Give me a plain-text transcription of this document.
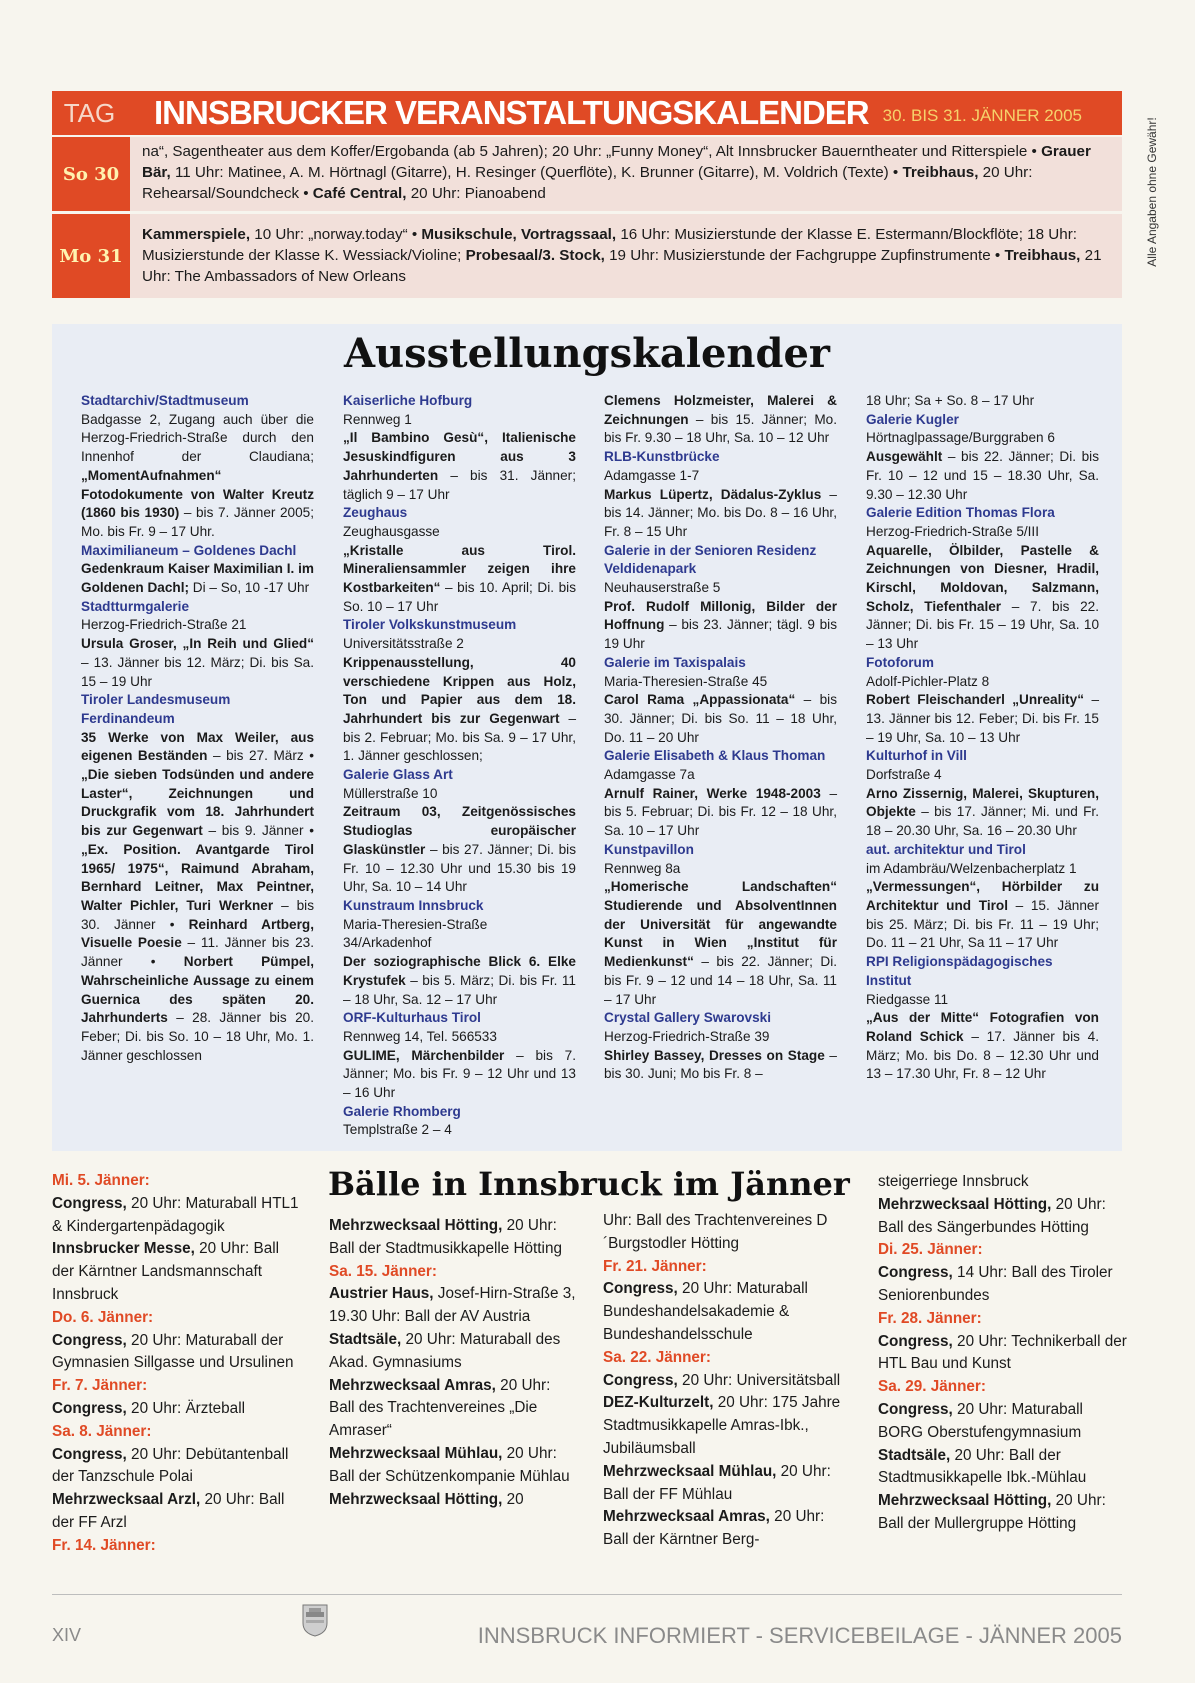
TAG	INNSBRUCKER VERANSTALTUNGSKALENDER 30. BIS 31. JÄNNER 2005
So 30
na“, Sagentheater aus dem Koffer/Ergobanda (ab 5 Jahren); 20 Uhr: „Funny Money“, Alt Innsbrucker Bauerntheater und Ritterspiele • Grauer Bär, 11 Uhr: Matinee, A. M. Hörtnagl (Gitarre), H. Resinger (Querflöte), K. Brunner (Gitarre), M. Voldrich (Texte) • Treibhaus, 20 Uhr: Rehearsal/Soundcheck • Café Central, 20 Uhr: Pianoabend
Mo 31
Kammerspiele, 10 Uhr: „norway.today“ • Musikschule, Vortragssaal, 16 Uhr: Musizierstunde der Klasse E. Estermann/Blockflöte; 18 Uhr: Musizierstunde der Klasse K. Wessiack/Violine; Probesaal/3. Stock, 19 Uhr: Musizierstunde der Fachgruppe Zupfinstrumente • Treibhaus, 21 Uhr: The Ambassadors of New Orleans
Alle Angaben ohne Gewähr!
Ausstellungskalender

Stadtarchiv/Stadtmuseum
Badgasse 2, Zugang auch über die Herzog-Friedrich-Straße durch den Innenhof der Claudiana; „MomentAufnahmen“ Fotodokumente von Walter Kreutz (1860 bis 1930) – bis 7. Jänner 2005; Mo. bis Fr. 9 – 17 Uhr.

Maximilianeum – Goldenes Dachl

Gedenkraum Kaiser Maximilian I. im Goldenen Dachl; Di – So, 10 -17 Uhr

Stadtturmgalerie

Herzog-Friedrich-Straße 21
Ursula Groser, „In Reih und Glied“ – 13. Jänner bis 12. März; Di. bis Sa. 15 – 19 Uhr

Tiroler Landesmuseum Ferdinandeum

35 Werke von Max Weiler, aus eigenen Beständen – bis 27. März • „Die sieben Todsünden und andere Laster“, Zeichnungen und Druckgrafik vom 18. Jahrhundert bis zur Gegenwart – bis 9. Jänner • „Ex. Position. Avantgarde Tirol 1965/ 1975“, Raimund Abraham, Bernhard Leitner, Max Peintner, Walter Pichler, Turi Werkner – bis 30. Jänner • Reinhard Artberg, Visuelle Poesie – 11. Jänner bis 23. Jänner • Norbert Pümpel, Wahrscheinliche Aussage zu einem Guernica des späten 20. Jahrhunderts – 28. Jänner bis 20. Feber; Di. bis So. 10 – 18 Uhr, Mo. 1. Jänner geschlossen

Kaiserliche Hofburg

Rennweg 1
„Il Bambino Gesù“, Italienische Jesuskindfiguren aus 3 Jahrhunderten – bis 31. Jänner; täglich 9 – 17 Uhr

Zeughaus

Zeughausgasse
„Kristalle aus Tirol. Mineraliensammler zeigen ihre Kostbarkeiten“ – bis 10. April; Di. bis So. 10 – 17 Uhr

Tiroler Volkskunstmuseum

Universitätsstraße 2
Krippenausstellung, 40 verschiedene Krippen aus Holz, Ton und Papier aus dem 18. Jahrhundert bis zur Gegenwart – bis 2. Februar; Mo. bis Sa. 9 – 17 Uhr, 1. Jänner geschlossen;

Galerie Glass Art

Müllerstraße 10
Zeitraum 03, Zeitgenössisches Studioglas europäischer Glaskünstler – bis 27. Jänner; Di. bis Fr. 10 – 12.30 Uhr und 15.30 bis 19 Uhr, Sa. 10 – 14 Uhr

Kunstraum Innsbruck

Maria-Theresien-Straße 34/Arkadenhof
Der soziographische Blick 6. Elke Krystufek – bis 5. März; Di. bis Fr. 11 – 18 Uhr, Sa. 12 – 17 Uhr

ORF-Kulturhaus Tirol

Rennweg 14, Tel. 566533
GULIME, Märchenbilder – bis 7. Jänner; Mo. bis Fr. 9 – 12 Uhr und 13 – 16 Uhr

Galerie Rhomberg

Templstraße 2 – 4

Clemens Holzmeister, Malerei & Zeichnungen – bis 15. Jänner; Mo. bis Fr. 9.30 – 18 Uhr, Sa. 10 – 12 Uhr

RLB-Kunstbrücke

Adamgasse 1-7
Markus Lüpertz, Dädalus-Zyklus – bis 14. Jänner; Mo. bis Do. 8 – 16 Uhr, Fr. 8 – 15 Uhr

Galerie in der Senioren Residenz Veldidenapark

Neuhauserstraße 5
Prof. Rudolf Millonig, Bilder der Hoffnung – bis 23. Jänner; tägl. 9 bis 19 Uhr

Galerie im Taxispalais

Maria-Theresien-Straße 45
Carol Rama „Appassionata“ – bis 30. Jänner; Di. bis So. 11 – 18 Uhr, Do. 11 – 20 Uhr

Galerie Elisabeth & Klaus Thoman

Adamgasse 7a
Arnulf Rainer, Werke 1948-2003 – bis 5. Februar; Di. bis Fr. 12 – 18 Uhr, Sa. 10 – 17 Uhr

Kunstpavillon

Rennweg 8a
„Homerische Landschaften“ Studierende und AbsolventInnen der Universität für angewandte Kunst in Wien „Institut für Medienkunst“ – bis 22. Jänner; Di. bis Fr. 9 – 12 und 14 – 18 Uhr, Sa. 11 – 17 Uhr

Crystal Gallery Swarovski

Herzog-Friedrich-Straße 39
Shirley Bassey, Dresses on Stage – bis 30. Juni; Mo bis Fr. 8 –

18 Uhr; Sa + So. 8 – 17 Uhr

Galerie Kugler

Hörtnaglpassage/Burggraben 6
Ausgewählt – bis 22. Jänner; Di. bis Fr. 10 – 12 und 15 – 18.30 Uhr, Sa. 9.30 – 12.30 Uhr

Galerie Edition Thomas Flora

Herzog-Friedrich-Straße 5/III
Aquarelle, Ölbilder, Pastelle & Zeichnungen von Diesner, Hradil, Kirschl, Moldovan, Salzmann, Scholz, Tiefenthaler – 7. bis 22. Jänner; Di. bis Fr. 15 – 19 Uhr, Sa. 10 – 13 Uhr

Fotoforum

Adolf-Pichler-Platz 8
Robert Fleischanderl „Unreality“ – 13. Jänner bis 12. Feber; Di. bis Fr. 15 – 19 Uhr, Sa. 10 – 13 Uhr

Kulturhof in Vill

Dorfstraße 4
Arno Zissernig, Malerei, Skupturen, Objekte – bis 17. Jänner; Mi. und Fr. 18 – 20.30 Uhr, Sa. 16 – 20.30 Uhr

aut. architektur und Tirol

im Adambräu/Welzenbacherplatz 1
„Vermessungen“, Hörbilder zu Architektur und Tirol – 15. Jänner bis 25. März; Di. bis Fr. 11 – 19 Uhr; Do. 11 – 21 Uhr, Sa 11 – 17 Uhr

RPI Religionspädagogisches Institut

Riedgasse 11
„Aus der Mitte“ Fotografien von Roland Schick – 17. Jänner bis 4. März; Mo. bis Do. 8 – 12.30 Uhr und 13 – 17.30 Uhr, Fr. 8 – 12 Uhr

Bälle in Innsbruck im Jänner

Mi. 5. Jänner:

Congress, 20 Uhr: Maturaball HTL1 & Kindergartenpädagogik

Innsbrucker Messe, 20 Uhr: Ball der Kärntner Landsmannschaft Innsbruck

Do. 6. Jänner:

Congress, 20 Uhr: Maturaball der Gymnasien Sillgasse und Ursulinen

Fr. 7. Jänner:

Congress, 20 Uhr: Ärzteball

Sa. 8. Jänner:

Congress, 20 Uhr: Debütantenball der Tanzschule Polai

Mehrzwecksaal Arzl, 20 Uhr: Ball der FF Arzl

Fr. 14. Jänner:

Mehrzwecksaal Hötting, 20 Uhr: Ball der Stadtmusikkapelle Hötting

Sa. 15. Jänner:

Austrier Haus, Josef-Hirn-Straße 3, 19.30 Uhr: Ball der AV Austria

Stadtsäle, 20 Uhr: Maturaball des Akad. Gymnasiums

Mehrzwecksaal Amras, 20 Uhr: Ball des Trachtenvereines „Die Amraser“

Mehrzwecksaal Mühlau, 20 Uhr: Ball der Schützenkompanie Mühlau

Mehrzwecksaal Hötting, 20

Uhr: Ball des Trachtenvereines D´Burgstodler Hötting

Fr. 21. Jänner:

Congress, 20 Uhr: Maturaball Bundeshandelsakademie & Bundeshandelsschule

Sa. 22. Jänner:

Congress, 20 Uhr: Universitätsball

DEZ-Kulturzelt, 20 Uhr: 175 Jahre Stadtmusikkapelle Amras-Ibk., Jubiläumsball

Mehrzwecksaal Mühlau, 20 Uhr: Ball der FF Mühlau

Mehrzwecksaal Amras, 20 Uhr: Ball der Kärntner Berg-

steigerriege Innsbruck

Mehrzwecksaal Hötting, 20 Uhr: Ball des Sängerbundes Hötting

Di. 25. Jänner:

Congress, 14 Uhr: Ball des Tiroler Seniorenbundes

Fr. 28. Jänner:

Congress, 20 Uhr: Technikerball der HTL Bau und Kunst

Sa. 29. Jänner:

Congress, 20 Uhr: Maturaball BORG Oberstufengymnasium

Stadtsäle, 20 Uhr: Ball der Stadtmusikkapelle Ibk.-Mühlau

Mehrzwecksaal Hötting, 20 Uhr: Ball der Mullergruppe Hötting

XIV	INNSBRUCK INFORMIERT - SERVICEBEILAGE - JÄNNER 2005
